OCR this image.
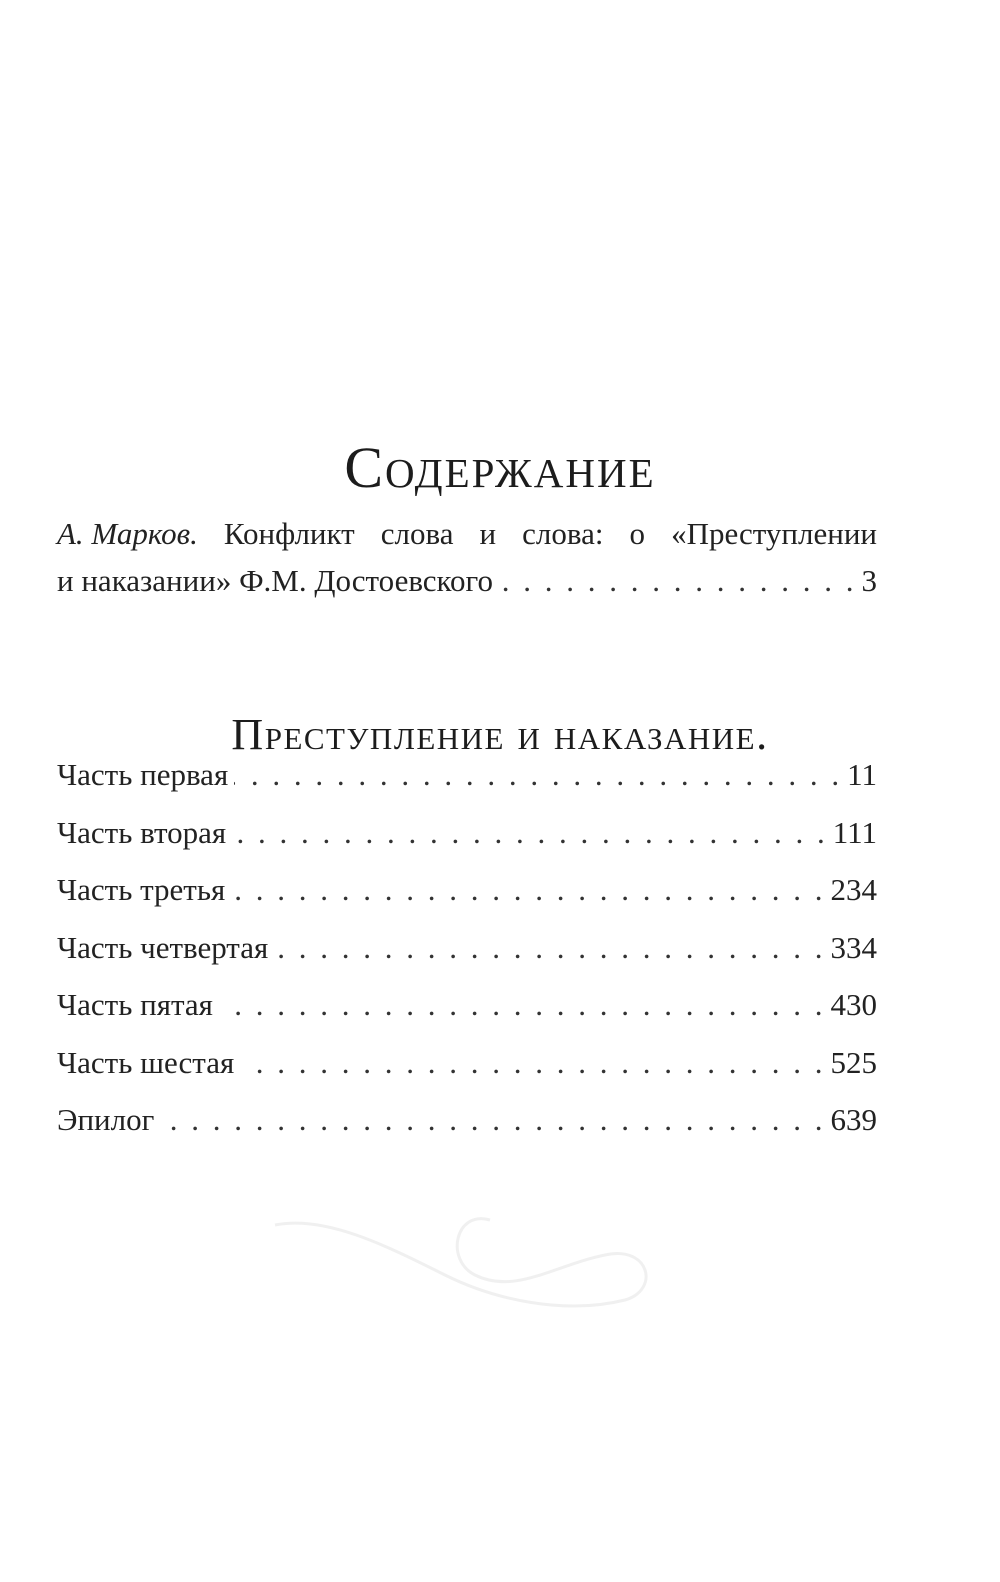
Содержание
А. Марков. Конфликт слова и слова: о «Преступлении
и наказании» Ф.М. Достоевского . . .	3
Преступление и наказание.
Часть первая . . .	11
Часть вторая . . .	111
Часть третья . . .	234
Часть четвертая . . .	334
Часть пятая . . .	430
Часть шестая . . .	525
Эпилог . . .	639
